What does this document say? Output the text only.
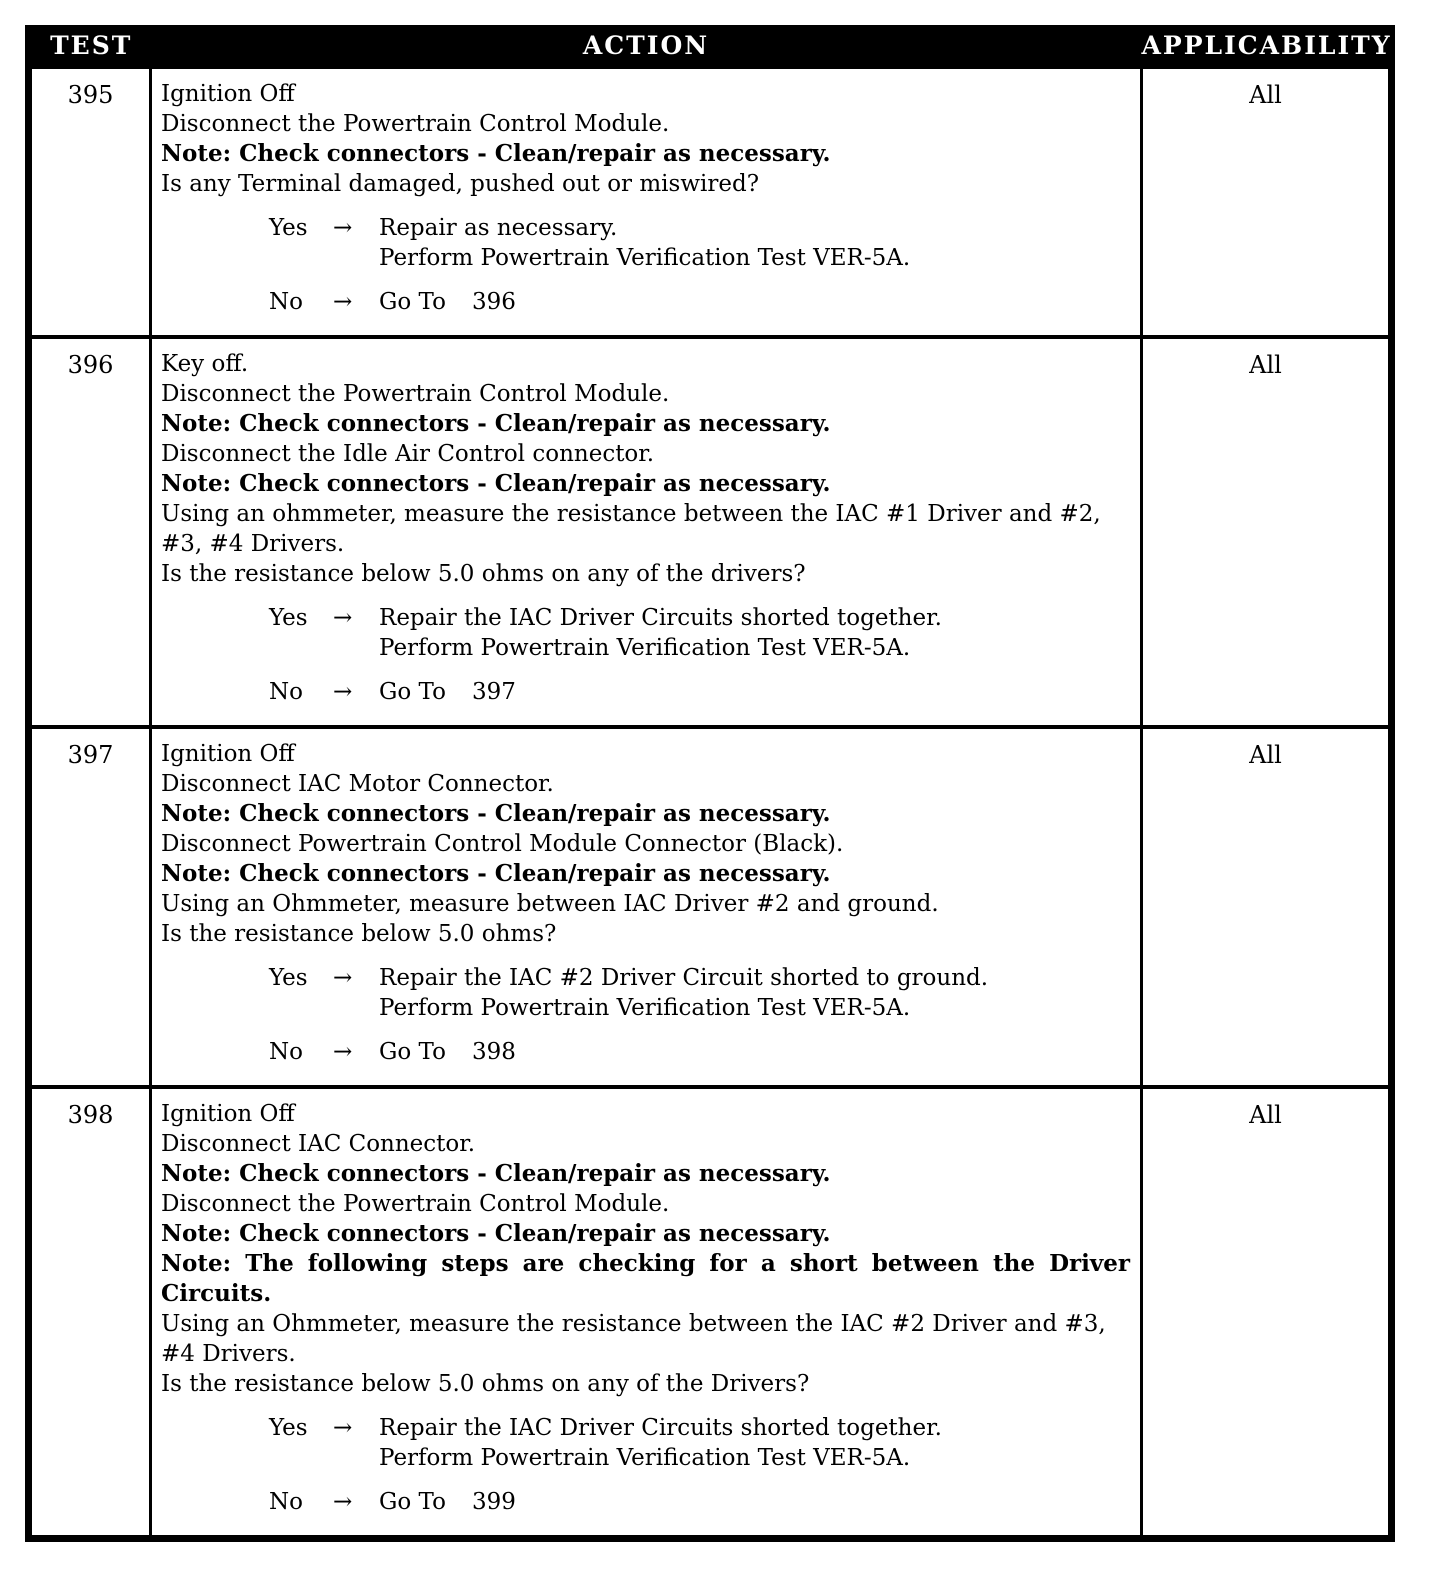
TEST	ACTION	APPLICABILITY
395	Ignition Off

Disconnect the Powertrain Control Module.

Note: Check connectors - Clean/repair as necessary.

Is any Terminal damaged, pushed out or miswired?

Yes	→	Repair as necessary.

Perform Powertrain Verification Test VER-5A.

No	→	Go To 396

	All
396	Key off.

Disconnect the Powertrain Control Module.

Note: Check connectors - Clean/repair as necessary.

Disconnect the Idle Air Control connector.

Note: Check connectors - Clean/repair as necessary.

Using an ohmmeter, measure the resistance between the IAC #1 Driver and #2, #3, #4 Drivers.

Is the resistance below 5.0 ohms on any of the drivers?

Yes	→	Repair the IAC Driver Circuits shorted together.

Perform Powertrain Verification Test VER-5A.

No	→	Go To 397

	All
397	Ignition Off

Disconnect IAC Motor Connector.

Note: Check connectors - Clean/repair as necessary.

Disconnect Powertrain Control Module Connector (Black).

Note: Check connectors - Clean/repair as necessary.

Using an Ohmmeter, measure between IAC Driver #2 and ground.

Is the resistance below 5.0 ohms?

Yes	→	Repair the IAC #2 Driver Circuit shorted to ground.

Perform Powertrain Verification Test VER-5A.

No	→	Go To 398

	All
398	Ignition Off

Disconnect IAC Connector.

Note: Check connectors - Clean/repair as necessary.

Disconnect the Powertrain Control Module.

Note: Check connectors - Clean/repair as necessary.

Note: The following steps are checking for a short between the Driver Circuits.

Using an Ohmmeter, measure the resistance between the IAC #2 Driver and #3, #4 Drivers.

Is the resistance below 5.0 ohms on any of the Drivers?

Yes	→	Repair the IAC Driver Circuits shorted together.

Perform Powertrain Verification Test VER-5A.

No	→	Go To 399

	All
